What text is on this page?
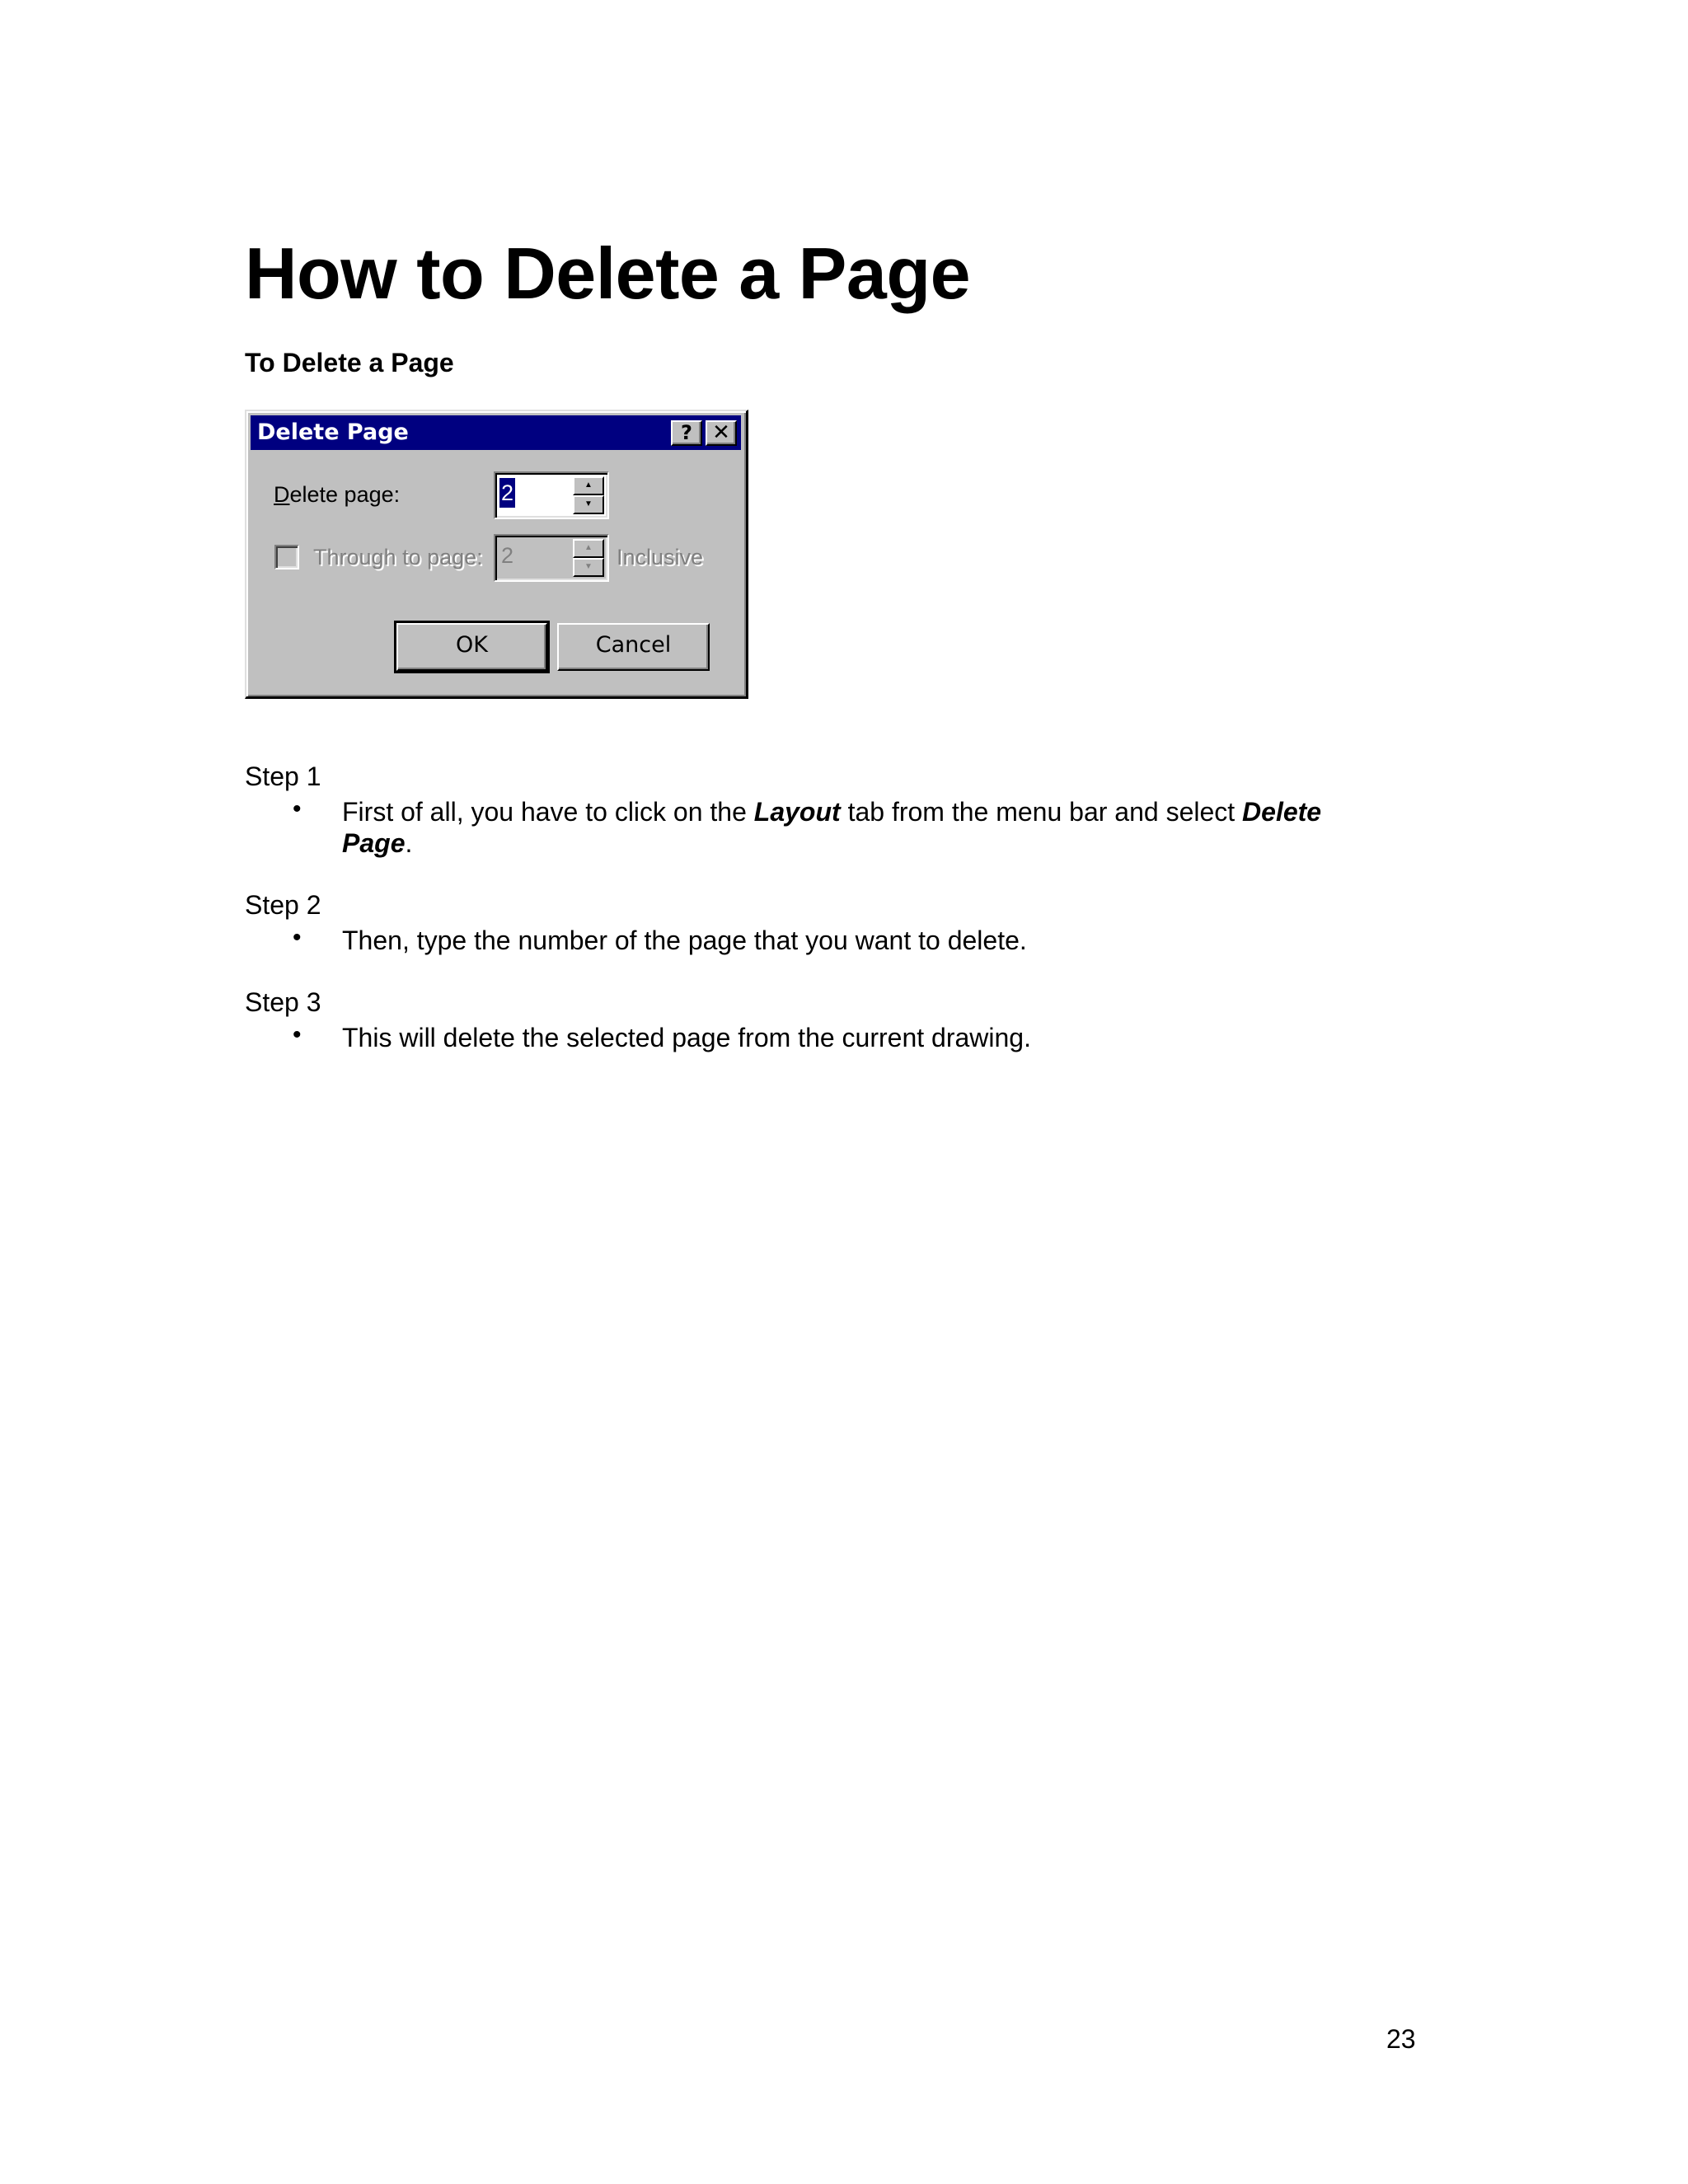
How to Delete a Page
To Delete a Page
Delete Page	? ✕
Delete page:	2	▲
▼
Through to page: 2	▲
▼	Inclusive
OK	Cancel
Step 1
• First of all, you have to click on the Layout tab from the menu bar and select Delete Page.
Step 2
• Then, type the number of the page that you want to delete.
Step 3
• This will delete the selected page from the current drawing.
23
